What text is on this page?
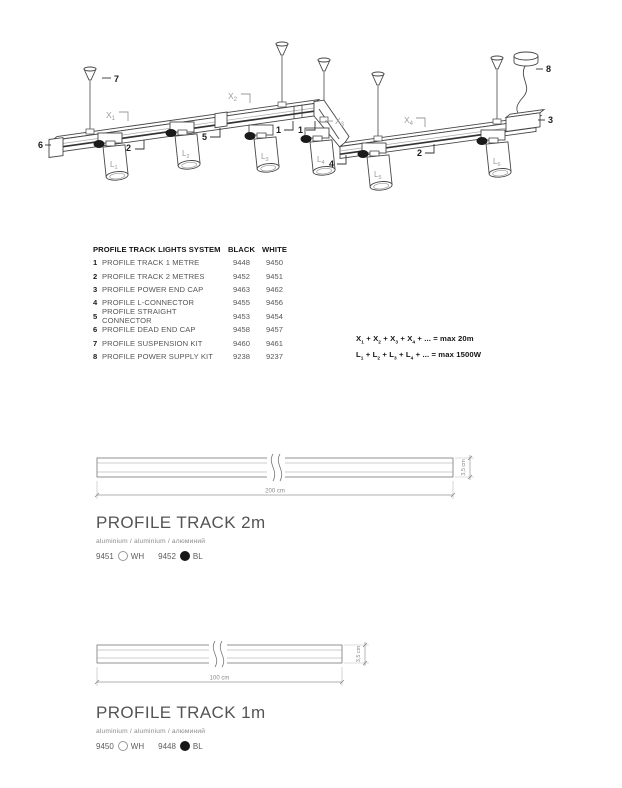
$L_1$
$L_2$	$L_3$	$L_4$
$L_5$
$L_6$
$X_1$
$X_2$
$X_3$	$X_4$
6
7
2
5
1 1
4
2
3
8
PROFILE TRACK LIGHTS SYSTEM BLACK WHITE
1 PROFILE TRACK 1 METRE	9448	9450
2 PROFILE TRACK 2 METRES	9452	9451
3 PROFILE POWER END CAP	9463	9462
4 PROFILE L-CONNECTOR	9455	9456
5 PROFILE STRAIGHT CONNECTOR
9453	9454
6 PROFILE DEAD END CAP	9458	9457
7 PROFILE SUSPENSION KIT	9460	9461
8 PROFILE POWER SUPPLY KIT	9238	9237
$X_1 + X_2 + X_3 + X_4$ + ... = max 20m
$L_1 + L_2 + L_3 + L_4$ + ... = max 1500W
200 cm
3,5 cm
PROFILE TRACK 2m
aluminium / aluminium / алюминий
9451 WH 9452 BL
100 cm
3,5 cm
PROFILE TRACK 1m
aluminium / aluminium / алюминий
9450 WH 9448 BL
